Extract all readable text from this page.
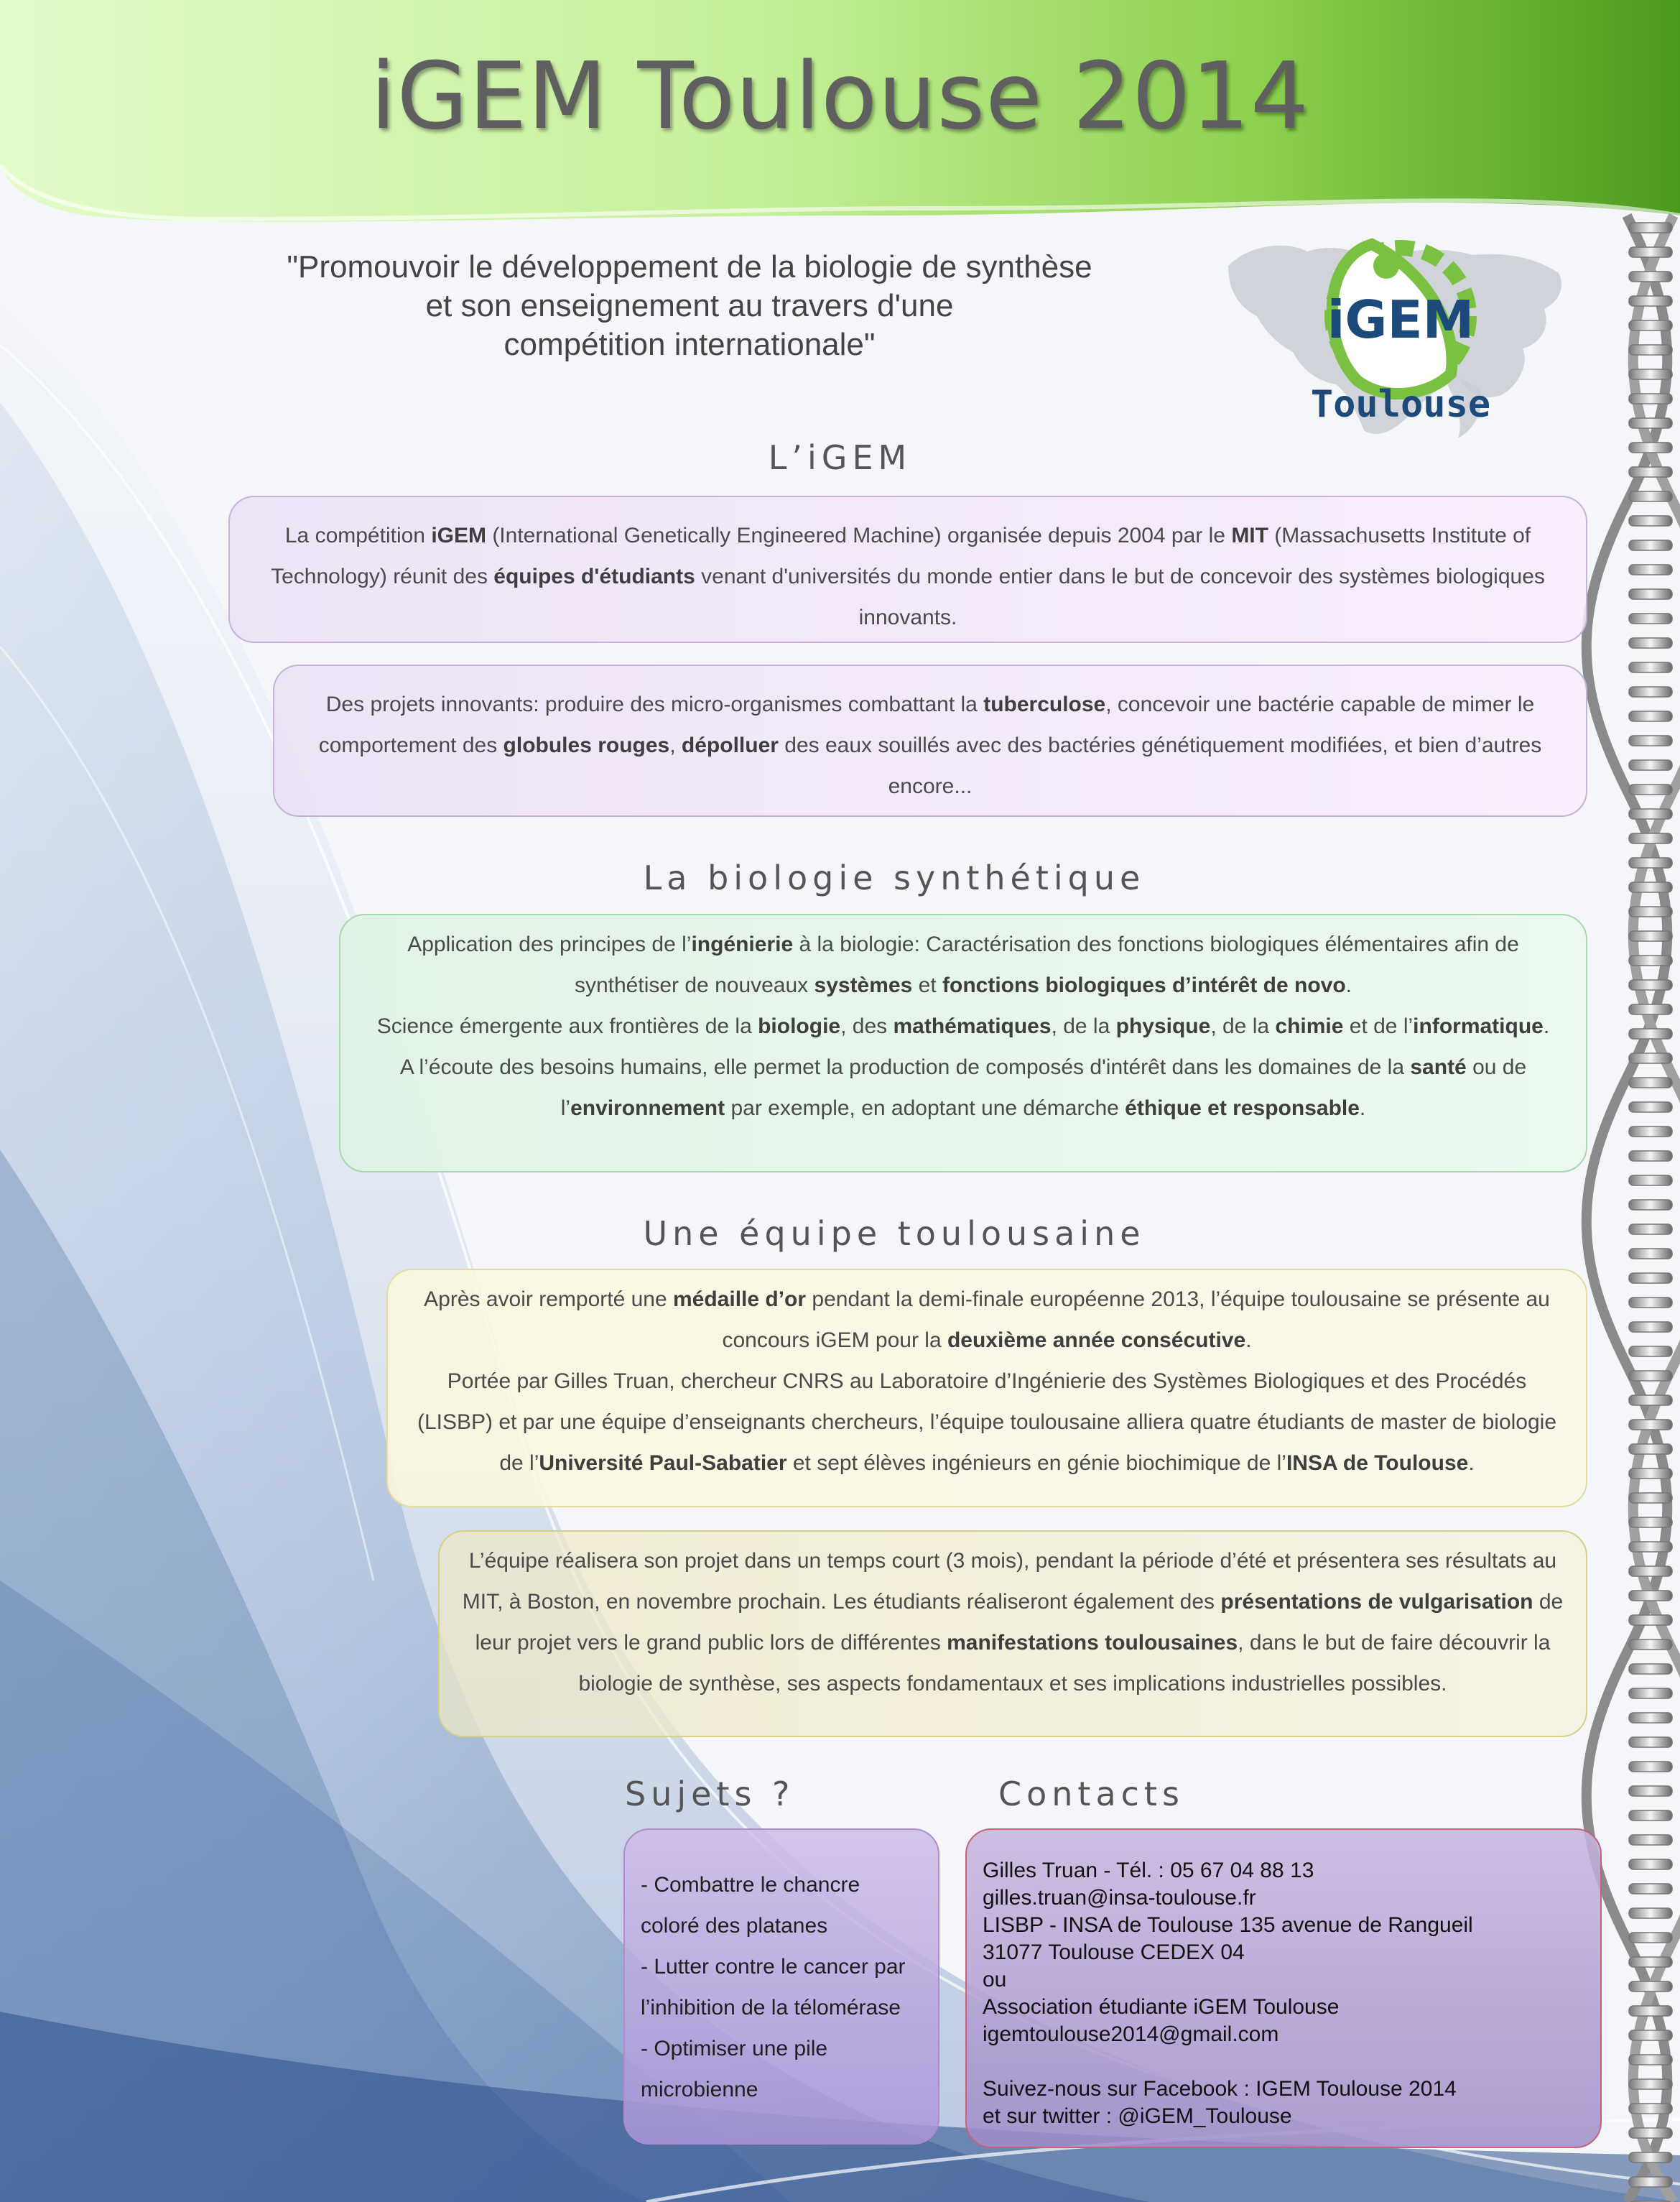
iGEM Toulouse 2014
"Promouvoir le développement de la biologie de synthèse
et son enseignement au travers d'une
compétition internationale"	iGEM
Toulouse
L’iGEM

La compétition iGEM (International Genetically Engineered Machine) organisée depuis 2004 par le MIT (Massachusetts Institute of Technology) réunit des équipes d'étudiants venant d'universités du monde entier dans le but de concevoir des systèmes biologiques innovants.

Des projets innovants: produire des micro-organismes combattant la tuberculose, concevoir une bactérie capable de mimer le comportement des globules rouges, dépolluer des eaux souillés avec des bactéries génétiquement modifiées, et bien d’autres encore...

La biologie synthétique

Application des principes de l’ingénierie à la biologie: Caractérisation des fonctions biologiques élémentaires afin de synthétiser de nouveaux systèmes et fonctions biologiques d’intérêt de novo.

Science émergente aux frontières de la biologie, des mathématiques, de la physique, de la chimie et de l’informatique.

A l’écoute des besoins humains, elle permet la production de composés d'intérêt dans les domaines de la santé ou de l’environnement par exemple, en adoptant une démarche éthique et responsable.

Une équipe toulousaine

Après avoir remporté une médaille d’or pendant la demi-finale européenne 2013, l’équipe toulousaine se présente au concours iGEM pour la deuxième année consécutive.

Portée par Gilles Truan, chercheur CNRS au Laboratoire d’Ingénierie des Systèmes Biologiques et des Procédés (LISBP) et par une équipe d’enseignants chercheurs, l’équipe toulousaine alliera quatre étudiants de master de biologie de l’Université Paul-Sabatier et sept élèves ingénieurs en génie biochimique de l’INSA de Toulouse.

L’équipe réalisera son projet dans un temps court (3 mois), pendant la période d’été et présentera ses résultats au MIT, à Boston, en novembre prochain. Les étudiants réaliseront également des présentations de vulgarisation de leur projet vers le grand public lors de différentes manifestations toulousaines, dans le but de faire découvrir la biologie de synthèse, ses aspects fondamentaux et ses implications industrielles possibles.

Sujets ?	Contacts
- Combattre le chancre coloré des platanes
- Lutter contre le cancer par l’inhibition de la télomérase
- Optimiser une pile microbienne
Gilles Truan - Tél. : 05 67 04 88 13
gilles.truan@insa-toulouse.fr
LISBP - INSA de Toulouse 135 avenue de Rangueil
31077 Toulouse CEDEX 04
ou
Association étudiante iGEM Toulouse
igemtoulouse2014@gmail.com
Suivez-nous sur Facebook : IGEM Toulouse 2014
et sur twitter : @iGEM_Toulouse
